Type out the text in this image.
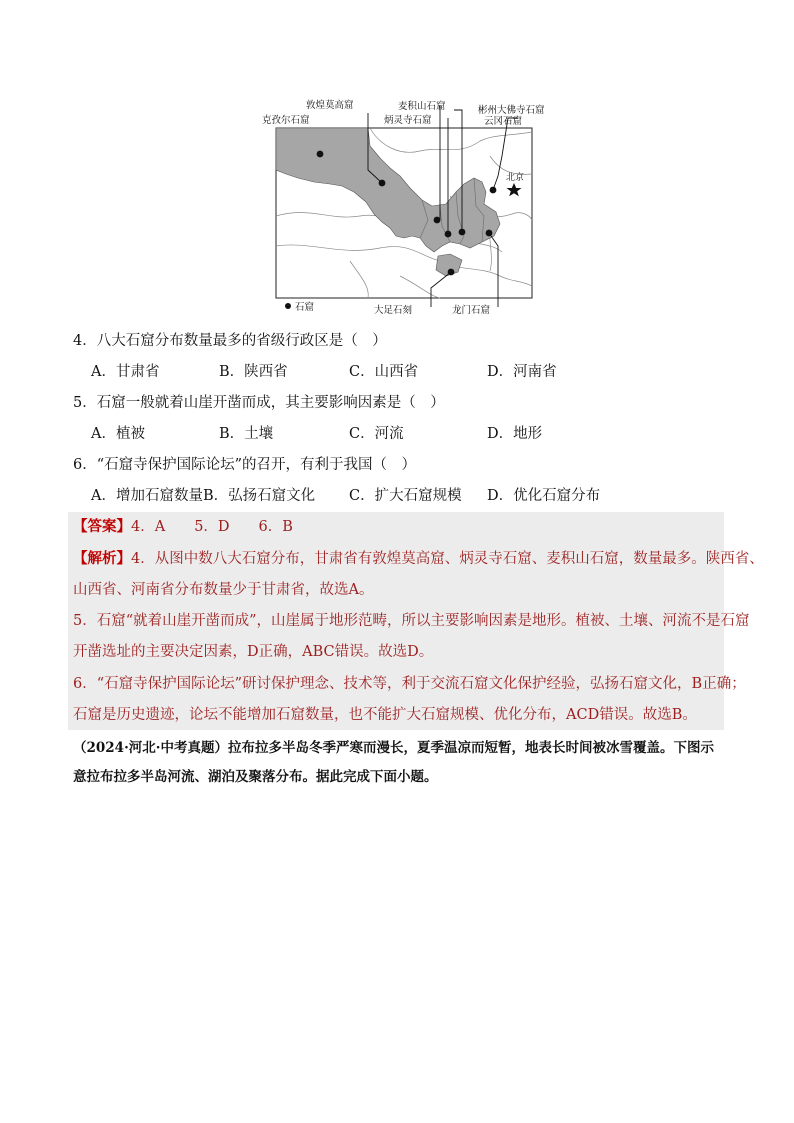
敦煌莫高窟	麦积山石窟	彬州大佛寺石窟
克孜尔石窟	炳灵寺石窟	云冈石窟
北京
大足石刻	龙门石窟
石窟
4．八大石窟分布数量最多的省级行政区是（　）
A．甘肃省	B．陕西省	C．山西省	D．河南省
5．石窟一般就着山崖开凿而成，其主要影响因素是（　）
A．植被	B．土壤	C．河流	D．地形
6．“石窟寺保护国际论坛”的召开，有利于我国（　）
A．增加石窟数量 B．弘扬石窟文化 C．扩大石窟规模 D．优化石窟分布
【答案】4．A　　5．D　　6．B
【解析】4．从图中数八大石窟分布，甘肃省有敦煌莫高窟、炳灵寺石窟、麦积山石窟，数量最多。陕西省、
山西省、河南省分布数量少于甘肃省，故选A。
5．石窟“就着山崖开凿而成”，山崖属于地形范畴，所以主要影响因素是地形。植被、土壤、河流不是石窟
开凿选址的主要决定因素，D正确，ABC错误。故选D。
6．“石窟寺保护国际论坛”研讨保护理念、技术等，利于交流石窟文化保护经验，弘扬石窟文化，B正确；
石窟是历史遗迹，论坛不能增加石窟数量，也不能扩大石窟规模、优化分布，ACD错误。故选B。
（2024·河北·中考真题）拉布拉多半岛冬季严寒而漫长，夏季温凉而短暂，地表长时间被冰雪覆盖。下图示
意拉布拉多半岛河流、湖泊及聚落分布。据此完成下面小题。
